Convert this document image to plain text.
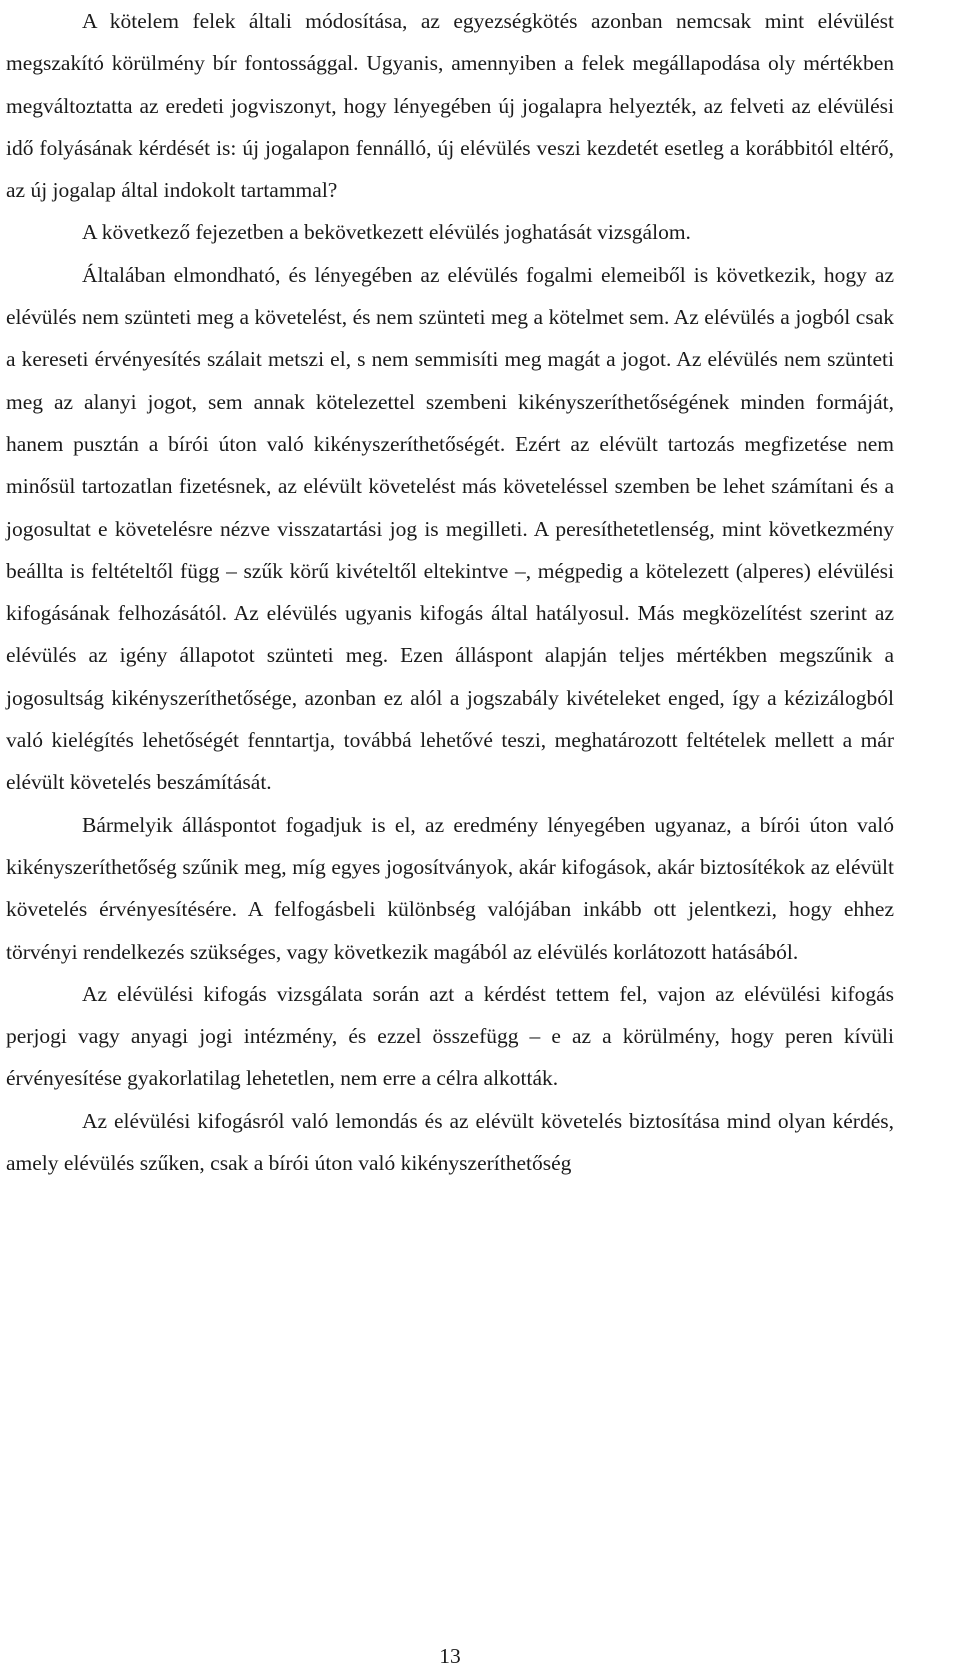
A kötelem felek általi módosítása, az egyezségkötés azonban nemcsak mint elévülést megszakító körülmény bír fontossággal. Ugyanis, amennyiben a felek megállapodása oly mértékben megváltoztatta az eredeti jogviszonyt, hogy lényegében új jogalapra helyezték, az felveti az elévülési idő folyásának kérdését is: új jogalapon fennálló, új elévülés veszi kezdetét esetleg a korábbitól eltérő, az új jogalap által indokolt tartammal?

A következő fejezetben a bekövetkezett elévülés joghatását vizsgálom.

Általában elmondható, és lényegében az elévülés fogalmi elemeiből is következik, hogy az elévülés nem szünteti meg a követelést, és nem szünteti meg a kötelmet sem. Az elévülés a jogból csak a kereseti érvényesítés szálait metszi el, s nem semmisíti meg magát a jogot. Az elévülés nem szünteti meg az alanyi jogot, sem annak kötelezettel szembeni kikényszeríthetőségének minden formáját, hanem pusztán a bírói úton való kikényszeríthetőségét. Ezért az elévült tartozás megfizetése nem minősül tartozatlan fizetésnek, az elévült követelést más követeléssel szemben be lehet számítani és a jogosultat e követelésre nézve visszatartási jog is megilleti. A peresíthetetlenség, mint következmény beállta is feltételtől függ – szűk körű kivételtől eltekintve –, mégpedig a kötelezett (alperes) elévülési kifogásának felhozásától. Az elévülés ugyanis kifogás által hatályosul. Más megközelítést szerint az elévülés az igény állapotot szünteti meg. Ezen álláspont alapján teljes mértékben megszűnik a jogosultság kikényszeríthetősége, azonban ez alól a jogszabály kivételeket enged, így a kézizálogból való kielégítés lehetőségét fenntartja, továbbá lehetővé teszi, meghatározott feltételek mellett a már elévült követelés beszámítását.

Bármelyik álláspontot fogadjuk is el, az eredmény lényegében ugyanaz, a bírói úton való kikényszeríthetőség szűnik meg, míg egyes jogosítványok, akár kifogások, akár biztosítékok az elévült követelés érvényesítésére. A felfogásbeli különbség valójában inkább ott jelentkezi, hogy ehhez törvényi rendelkezés szükséges, vagy következik magából az elévülés korlátozott hatásából.

Az elévülési kifogás vizsgálata során azt a kérdést tettem fel, vajon az elévülési kifogás perjogi vagy anyagi jogi intézmény, és ezzel összefügg – e az a körülmény, hogy peren kívüli érvényesítése gyakorlatilag lehetetlen, nem erre a célra alkották.

Az elévülési kifogásról való lemondás és az elévült követelés biztosítása mind olyan kérdés, amely elévülés szűken, csak a bírói úton való kikényszeríthetőség

13
